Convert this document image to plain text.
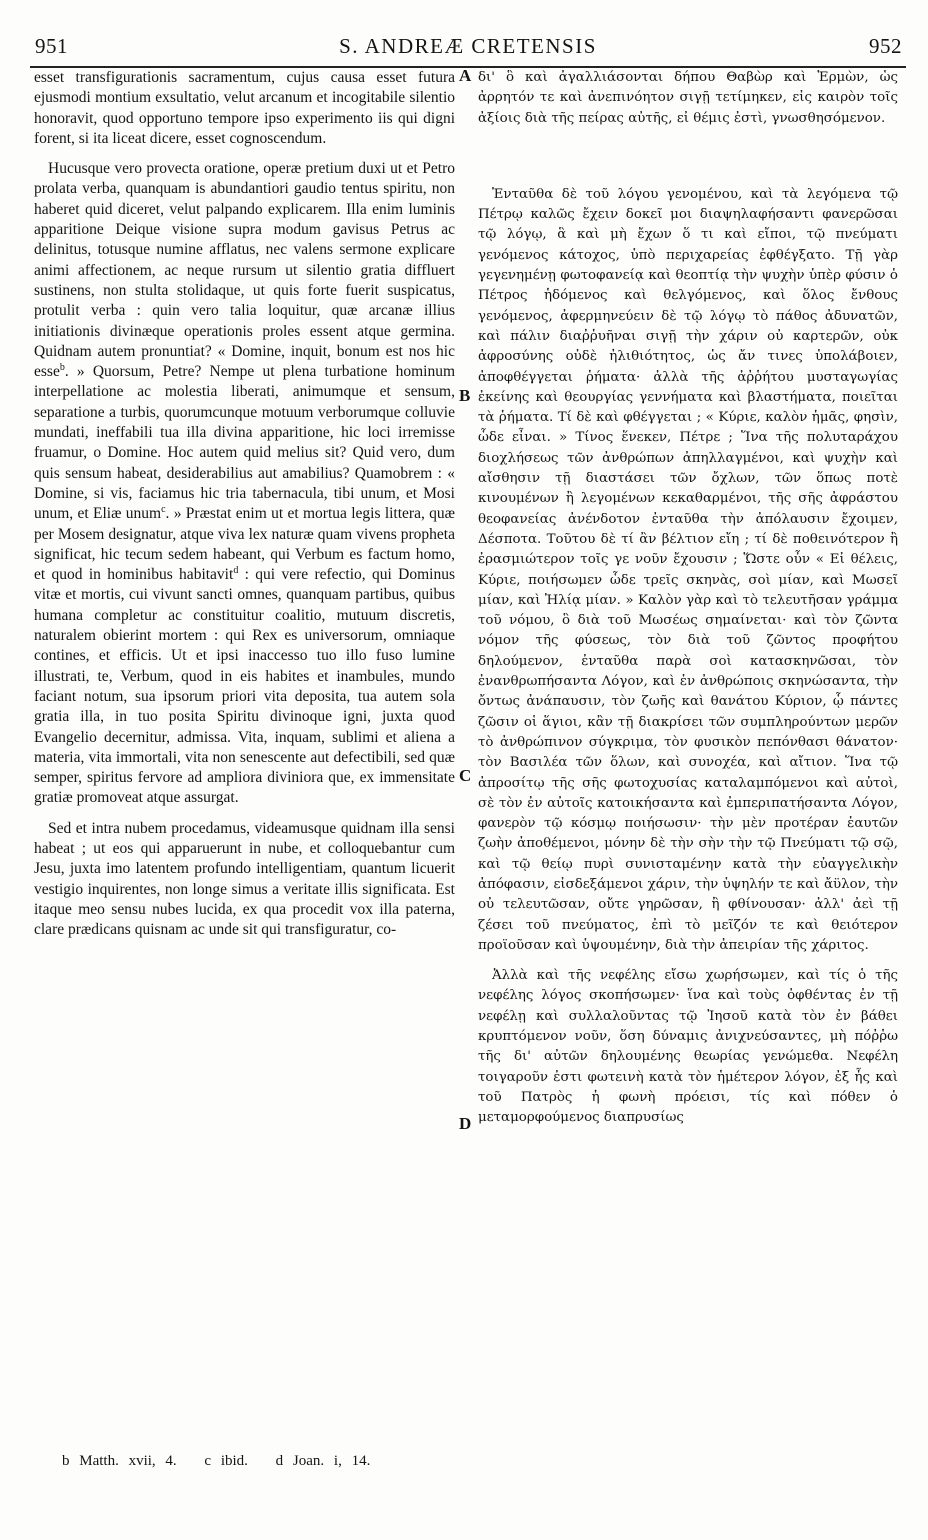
951	S. ANDREÆ CRETENSIS	952

esset transfigurationis sacramentum, cujus causa esset futura ejusmodi montium exsultatio, velut arcanum et incogitabile silentio honoravit, quod opportuno tempore ipso experimento iis qui digni forent, si ita liceat dicere, esset cognoscendum.

Hucusque vero provecta oratione, operæ pretium duxi ut et Petro prolata verba, quanquam is abundantiori gaudio tentus spiritu, non haberet quid diceret, velut palpando explicarem. Illa enim luminis apparitione Deique visione supra modum gavisus Petrus ac delinitus, totusque numine afflatus, nec valens sermone explicare animi affectionem, ac neque rursum ut silentio gratia diffluert sustinens, non stulta stolidaque, ut quis forte fuerit suspicatus, protulit verba : quin vero talia loquitur, quæ arcanæ illius initiationis divinæque operationis proles essent atque germina. Quidnam autem pronuntiat? « Domine, inquit, bonum est nos hic esse$^b$. » Quorsum, Petre? Nempe ut plena turbatione hominum interpellatione ac molestia liberati, animumque et sensum, separatione a turbis, quorumcunque motuum verborumque colluvie mundati, ineffabili tua illa divina apparitione, hic loci irremisse fruamur, o Domine. Hoc autem quid melius sit? Quid vero, dum quis sensum habeat, desiderabilius aut amabilius? Quamobrem : « Domine, si vis, faciamus hic tria tabernacula, tibi unum, et Mosi unum, et Eliæ unum$^c$. » Præstat enim ut et mortua legis littera, quæ per Mosem designatur, atque viva lex naturæ quam vivens propheta significat, hic tecum sedem habeant, qui Verbum es factum homo, et quod in hominibus habitavit$^d$ : qui vere refectio, qui Dominus vitæ et mortis, cui vivunt sancti omnes, quanquam partibus, quibus humana completur ac constituitur coalitio, mutuum discretis, naturalem obierint mortem : qui Rex es universorum, omniaque contines, et efficis. Ut et ipsi inaccesso tuo illo fuso lumine illustrati, te, Verbum, quod in eis habites et inambules, mundo faciant notum, sua ipsorum priori vita deposita, tua autem sola gratia illa, in tuo posita Spiritu divinoque igni, juxta quod Evangelio decernitur, admissa. Vita, inquam, sublimi et aliena a materia, vita immortali, vita non senescente aut defectibili, sed quæ semper, spiritus fervore ad ampliora diviniora que, ex immensitate gratiæ promoveat atque assurgat.

Sed et intra nubem procedamus, videamusque quidnam illa sensi habeat ; ut eos qui apparuerunt in nube, et colloquebantur cum Jesu, juxta imo latentem profundo intelligentiam, quantum licuerit vestigio inquirentes, non longe simus a veritate illis significata. Est itaque meo sensu nubes lucida, ex qua procedit vox illa paterna, clare prædicans quisnam ac unde sit qui transfiguratur, co-

δι' ὃ καὶ ἀγαλλιάσονται δήπου Θαβὼρ καὶ Ἑρμὼν, ὡς ἀρρητόν τε καὶ ἀνεπινόητον σιγῇ τετίμηκεν, εἰς καιρὸν τοῖς ἀξίοις διὰ τῆς πείρας αὐτῆς, εἰ θέμις ἐστὶ, γνωσθησόμενον.

Ἐνταῦθα δὲ τοῦ λόγου γενομένου, καὶ τὰ λεγόμενα τῷ Πέτρῳ καλῶς ἔχειν δοκεῖ μοι διαψηλαφήσαντι φανερῶσαι τῷ λόγῳ, ἃ καὶ μὴ ἔχων ὅ τι καὶ εἴποι, τῷ πνεύματι γενόμενος κάτοχος, ὑπὸ περιχαρείας ἐφθέγξατο. Τῇ γὰρ γεγενημένῃ φωτοφανείᾳ καὶ θεοπτίᾳ τὴν ψυχὴν ὑπὲρ φύσιν ὁ Πέτρος ἡδόμενος καὶ θελγόμενος, καὶ ὅλος ἔνθους γενόμενος, ἀφερμηνεύειν δὲ τῷ λόγῳ τὸ πάθος ἀδυνατῶν, καὶ πάλιν διαῤῥυῆναι σιγῇ τὴν χάριν οὐ καρτερῶν, οὐκ ἀφροσύνης οὐδὲ ἠλιθιότητος, ὡς ἄν τινες ὑπολάβοιεν, ἀποφθέγγεται ῥήματα· ἀλλὰ τῆς ἀῤῥήτου μυσταγωγίας ἐκείνης καὶ θεουργίας γεννήματα καὶ βλαστήματα, ποιεῖται τὰ ῥήματα. Τί δὲ καὶ φθέγγεται ; « Κύριε, καλὸν ἡμᾶς, φησὶν, ὧδε εἶναι. » Τίνος ἕνεκεν, Πέτρε ; Ἵνα τῆς πολυταράχου διοχλήσεως τῶν ἀνθρώπων ἀπηλλαγμένοι, καὶ ψυχὴν καὶ αἴσθησιν τῇ διαστάσει τῶν ὄχλων, τῶν ὅπως ποτὲ κινουμένων ἢ λεγομένων κεκαθαρμένοι, τῆς σῆς ἀφράστου θεοφανείας ἀνένδοτον ἐνταῦθα τὴν ἀπόλαυσιν ἔχοιμεν, Δέσποτα. Τοῦτου δὲ τί ἂν βέλτιον εἴη ; τί δὲ ποθεινότερον ἢ ἐρασμιώτερον τοῖς γε νοῦν ἔχουσιν ; Ὥστε οὖν « Εἰ θέλεις, Κύριε, ποιήσωμεν ὧδε τρεῖς σκηνὰς, σοὶ μίαν, καὶ Μωσεῖ μίαν, καὶ Ἠλίᾳ μίαν. » Καλὸν γὰρ καὶ τὸ τελευτῆσαν γράμμα τοῦ νόμου, ὃ διὰ τοῦ Μωσέως σημαίνεται· καὶ τὸν ζῶντα νόμον τῆς φύσεως, τὸν διὰ τοῦ ζῶντος προφήτου δηλούμενον, ἐνταῦθα παρὰ σοὶ κατασκηνῶσαι, τὸν ἐνανθρωπήσαντα Λόγον, καὶ ἐν ἀνθρώποις σκηνώσαντα, τὴν ὄντως ἀνάπαυσιν, τὸν ζωῆς καὶ θανάτου Κύριον, ᾧ πάντες ζῶσιν οἱ ἅγιοι, κἂν τῇ διακρίσει τῶν συμπληρούντων μερῶν τὸ ἀνθρώπινον σύγκριμα, τὸν φυσικὸν πεπόνθασι θάνατον· τὸν Βασιλέα τῶν ὅλων, καὶ συνοχέα, καὶ αἴτιον. Ἵνα τῷ ἀπροσίτῳ τῆς σῆς φωτοχυσίας καταλαμπόμενοι καὶ αὐτοὶ, σὲ τὸν ἐν αὐτοῖς κατοικήσαντα καὶ ἐμπεριπατήσαντα Λόγον, φανερὸν τῷ κόσμῳ ποιήσωσιν· τὴν μὲν προτέραν ἑαυτῶν ζωὴν ἀποθέμενοι, μόνην δὲ τὴν σὴν τὴν τῷ Πνεύματι τῷ σῷ, καὶ τῷ θείῳ πυρὶ συνισταμένην κατὰ τὴν εὐαγγελικὴν ἀπόφασιν, εἰσδεξάμενοι χάριν, τὴν ὑψηλήν τε καὶ ἄϋλον, τὴν οὐ τελευτῶσαν, οὔτε γηρῶσαν, ἢ φθίνουσαν· ἀλλ' ἀεὶ τῇ ζέσει τοῦ πνεύματος, ἐπὶ τὸ μεῖζόν τε καὶ θειότερον προϊοῦσαν καὶ ὑψουμένην, διὰ τὴν ἀπειρίαν τῆς χάριτος.

Ἀλλὰ καὶ τῆς νεφέλης εἴσω χωρήσωμεν, καὶ τίς ὁ τῆς νεφέλης λόγος σκοπήσωμεν· ἵνα καὶ τοὺς ὀφθέντας ἐν τῇ νεφέλῃ καὶ συλλαλοῦντας τῷ Ἰησοῦ κατὰ τὸν ἐν βάθει κρυπτόμενον νοῦν, ὅση δύναμις ἀνιχνεύσαντες, μὴ πόῤῥω τῆς δι' αὐτῶν δηλουμένης θεωρίας γενώμεθα. Νεφέλη τοιγαροῦν ἐστι φωτεινὴ κατὰ τὸν ἡμέτερον λόγον, ἐξ ἧς καὶ τοῦ Πατρὸς ἡ φωνὴ πρόεισι, τίς καὶ πόθεν ὁ μεταμορφούμενος διαπρυσίως

A
B
C
D
b Matth. xvii, 4. c ibid. d Joan. i, 14.
